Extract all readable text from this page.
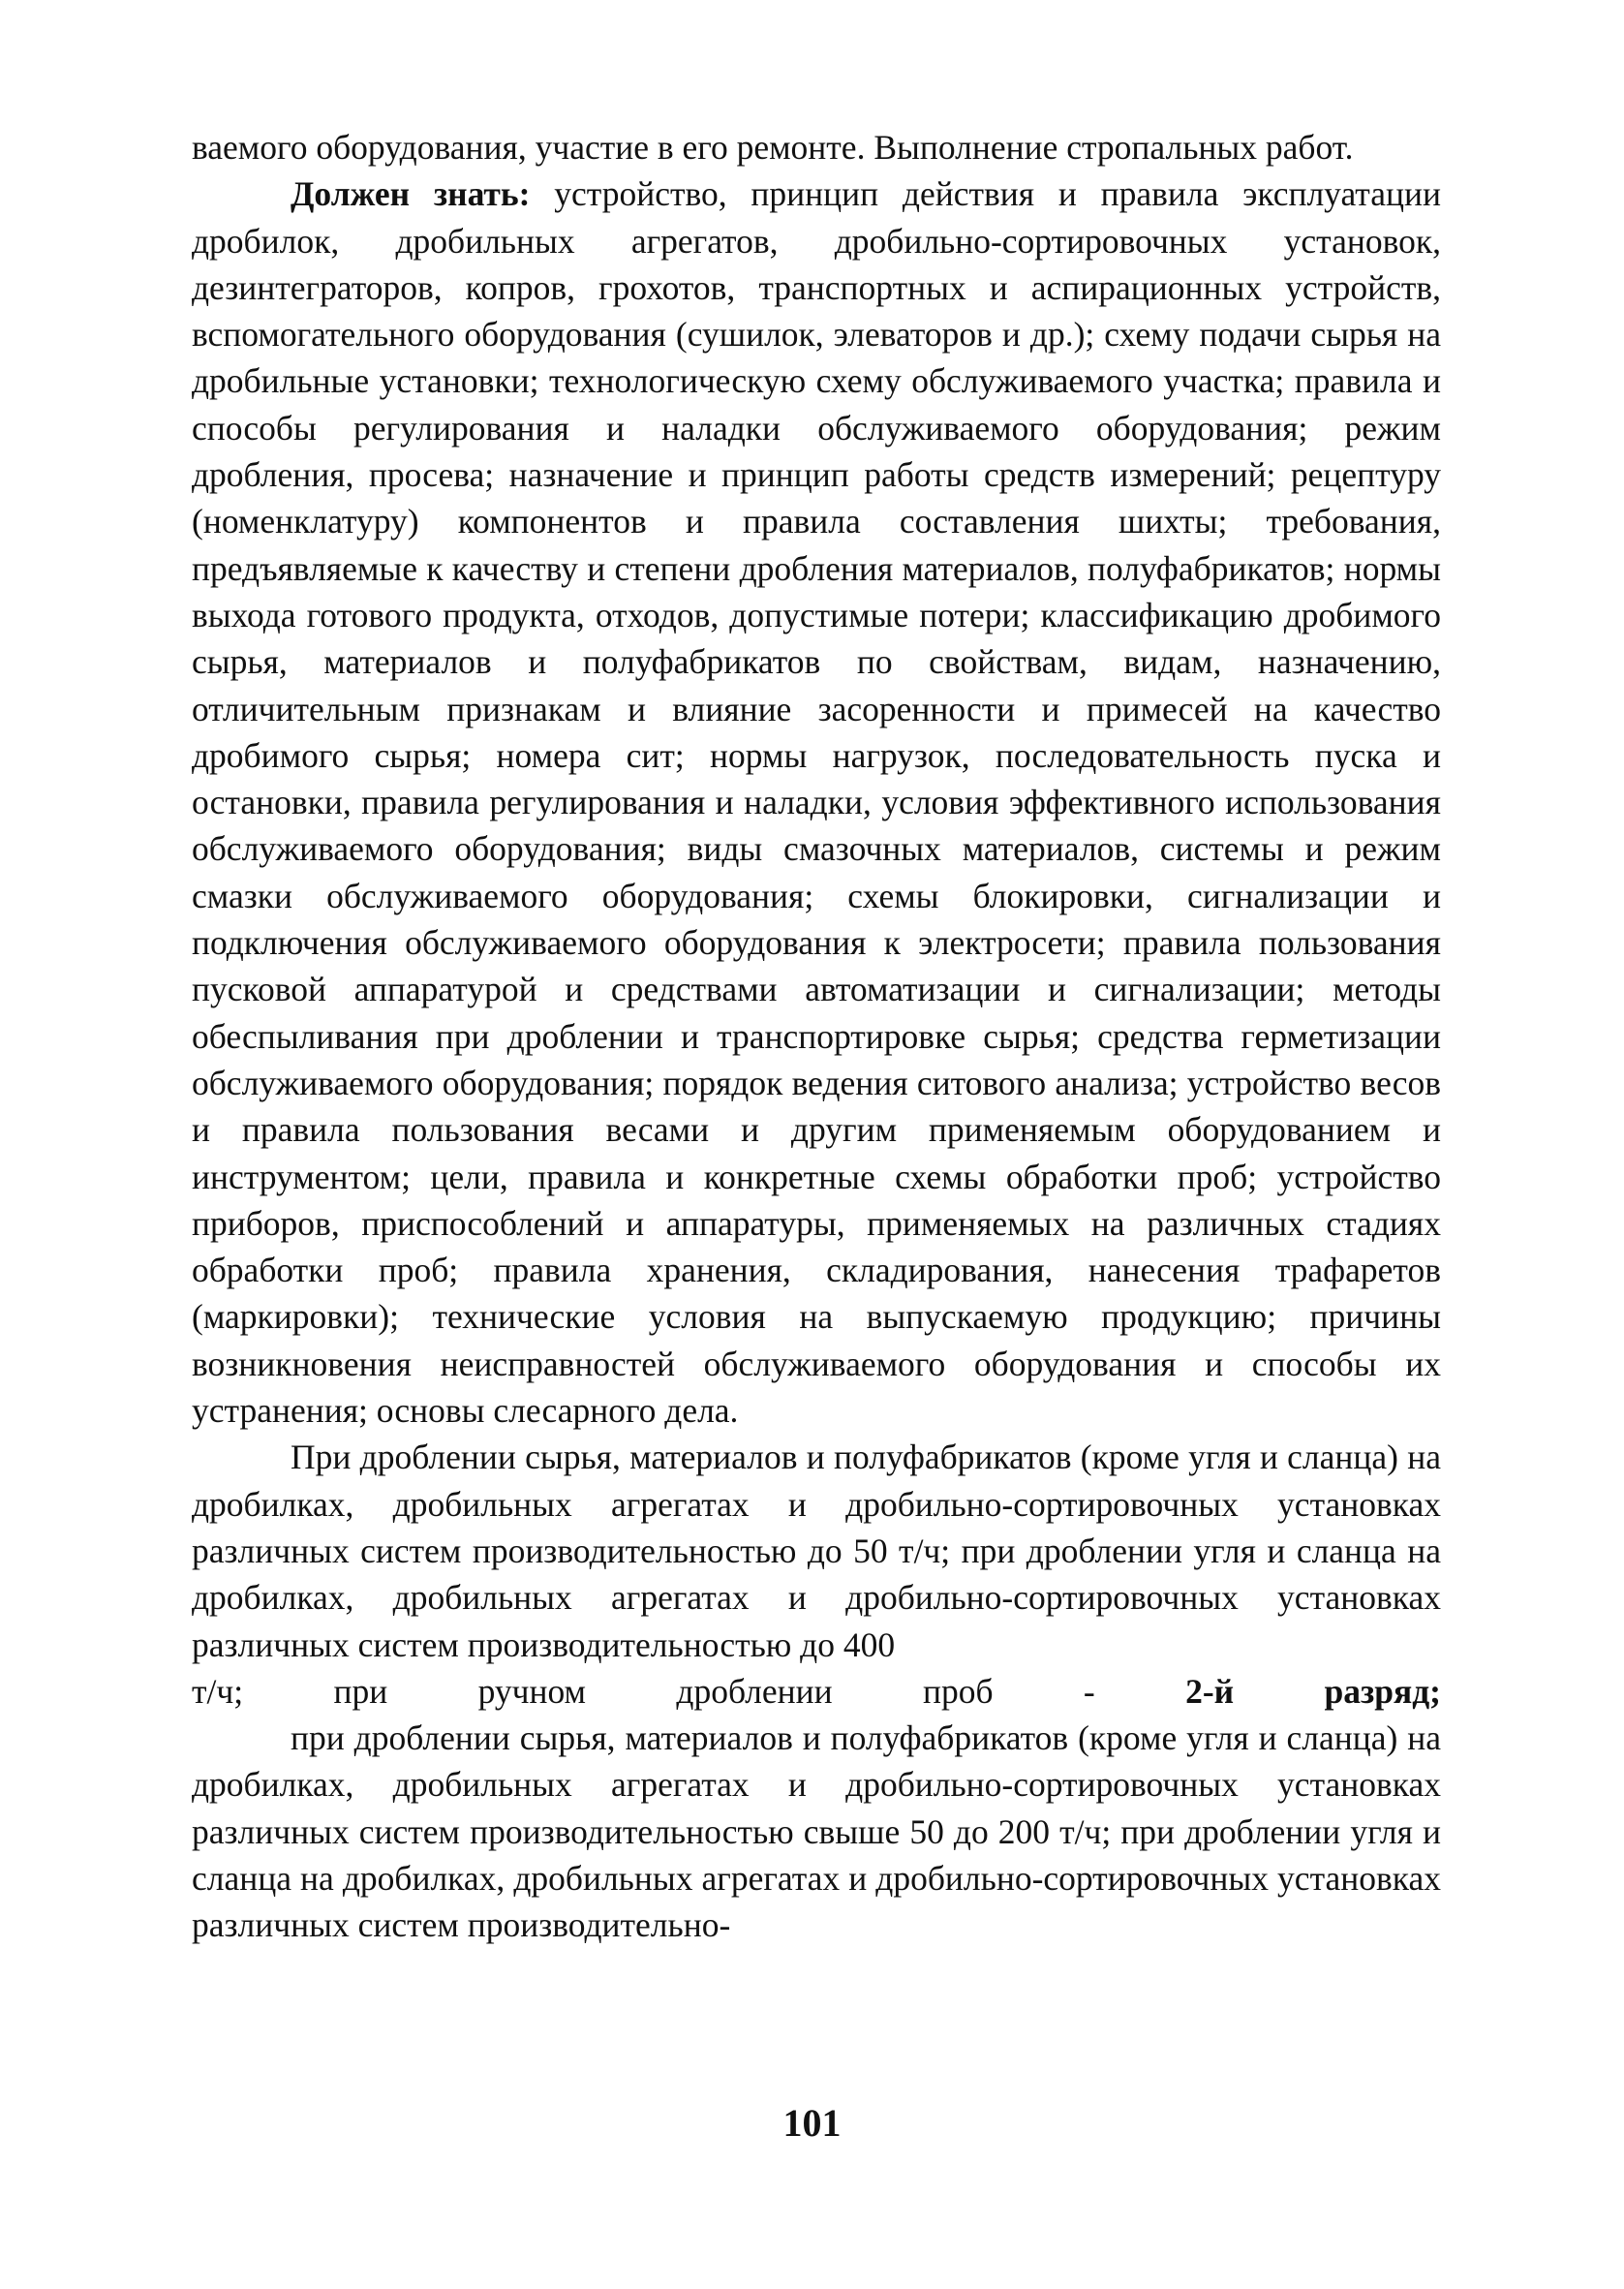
ваемого оборудования, участие в его ремонте. Выполнение стропальных работ.

Должен знать: устройство, принцип действия и правила эксплуатации дробилок, дробильных агрегатов, дробильно-сортировочных установок, дезинтеграторов, копров, грохотов, транспортных и аспирационных устройств, вспомогательного оборудования (сушилок, элеваторов и др.); схему подачи сырья на дробильные установки; технологическую схему обслуживаемого участка; правила и способы регулирования и наладки обслуживаемого оборудования; режим дробления, просева; назначение и принцип работы средств измерений; рецептуру (номенклатуру) компонентов и правила составления шихты; требования, предъявляемые к качеству и степени дробления материалов, полуфабрикатов; нормы выхода готового продукта, отходов, допустимые потери; классификацию дробимого сырья, материалов и полуфабрикатов по свойствам, видам, назначению, отличительным признакам и влияние засоренности и примесей на качество дробимого сырья; номера сит; нормы нагрузок, последовательность пуска и остановки, правила регулирования и наладки, условия эффективного использования обслуживаемого оборудования; виды смазочных материалов, системы и режим смазки обслуживаемого оборудования; схемы блокировки, сигнализации и подключения обслуживаемого оборудования к электросети; правила пользования пусковой аппаратурой и средствами автоматизации и сигнализации; методы обеспыливания при дроблении и транспортировке сырья; средства герметизации обслуживаемого оборудования; порядок ведения ситового анализа; устройство весов и правила пользования весами и другим применяемым оборудованием и инструментом; цели, правила и конкретные схемы обработки проб; устройство приборов, приспособлений и аппаратуры, применяемых на различных стадиях обработки проб; правила хранения, складирования, нанесения трафаретов (маркировки); технические условия на выпускаемую продукцию; причины возникновения неисправностей обслуживаемого оборудования и способы их устранения; основы слесарного дела.

При дроблении сырья, материалов и полуфабрикатов (кроме угля и сланца) на дробилках, дробильных агрегатах и дробильно-сортировочных установках различных систем производительностью до 50 т/ч; при дроблении угля и сланца на дробилках, дробильных агрегатах и дробильно-сортировочных установках различных систем производительностью до 400

т/ч; при ручном дроблении проб -	2-й разряд;

при дроблении сырья, материалов и полуфабрикатов (кроме угля и сланца) на дробилках, дробильных агрегатах и дробильно-сортировочных установках различных систем производительностью свыше 50 до 200 т/ч; при дроблении угля и сланца на дробилках, дробильных агрегатах и дробильно-сортировочных установках различных систем производительно-

101
